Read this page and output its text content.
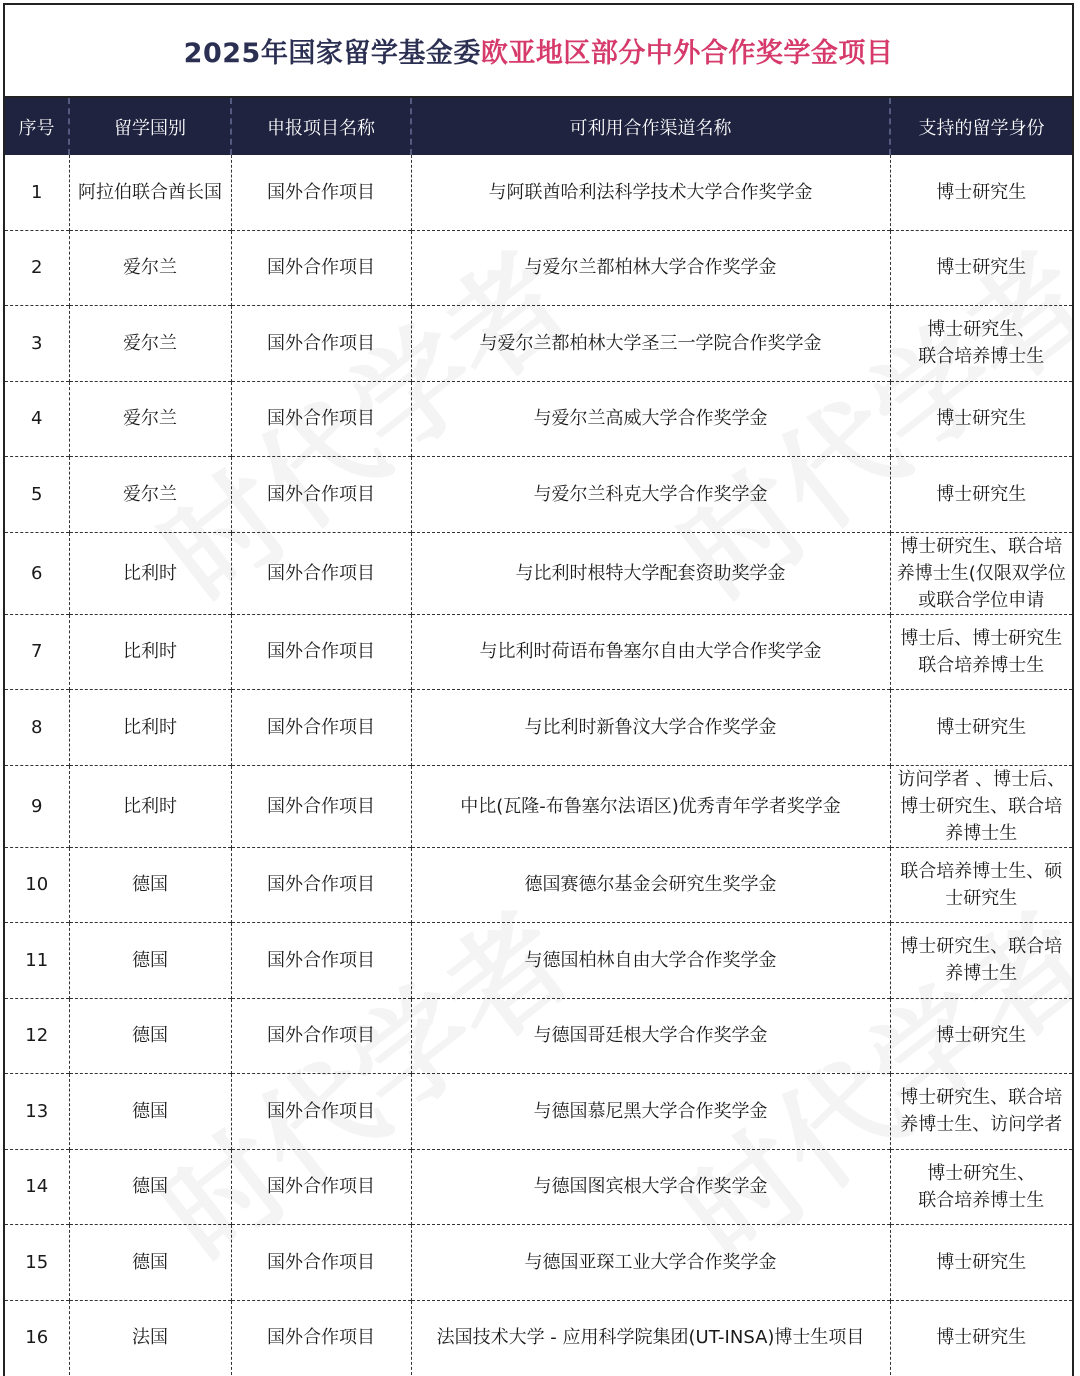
2025年国家留学基金委 欧亚地区部分中外合作奖学金项目
序号	留学国别	申报项目名称	可利用合作渠道名称	支持的留学身份
1	阿拉伯联合酋长国	国外合作项目	与阿联酋哈利法科学技术大学合作奖学金	博士研究生
2	爱尔兰	国外合作项目	与爱尔兰都柏林大学合作奖学金	博士研究生
3	爱尔兰	国外合作项目	与爱尔兰都柏林大学圣三一学院合作奖学金	博士研究生、
联合培养博士生
4	爱尔兰	国外合作项目	与爱尔兰高威大学合作奖学金	博士研究生
5	爱尔兰	国外合作项目	与爱尔兰科克大学合作奖学金	博士研究生
6	比利时	国外合作项目	与比利时根特大学配套资助奖学金	博士研究生、联合培养博士生(仅限双学位或联合学位申请
7	比利时	国外合作项目	与比利时荷语布鲁塞尔自由大学合作奖学金	博士后、博士研究生
联合培养博士生
8	比利时	国外合作项目	与比利时新鲁汶大学合作奖学金	博士研究生
9	比利时	国外合作项目	中比(瓦隆-布鲁塞尔法语区)优秀青年学者奖学金	访问学者 、博士后、博士研究生、联合培养博士生
10	德国	国外合作项目	德国赛德尔基金会研究生奖学金	联合培养博士生、硕士研究生
11	德国	国外合作项目	与德国柏林自由大学合作奖学金	博士研究生、联合培养博士生
12	德国	国外合作项目	与德国哥廷根大学合作奖学金	博士研究生
13	德国	国外合作项目	与德国慕尼黑大学合作奖学金	博士研究生、联合培养博士生、访问学者
14	德国	国外合作项目	与德国图宾根大学合作奖学金	博士研究生、
联合培养博士生
15	德国	国外合作项目	与德国亚琛工业大学合作奖学金	博士研究生
16	法国	国外合作项目	法国技术大学 - 应用科学院集团(UT-INSA)博士生项目	博士研究生
